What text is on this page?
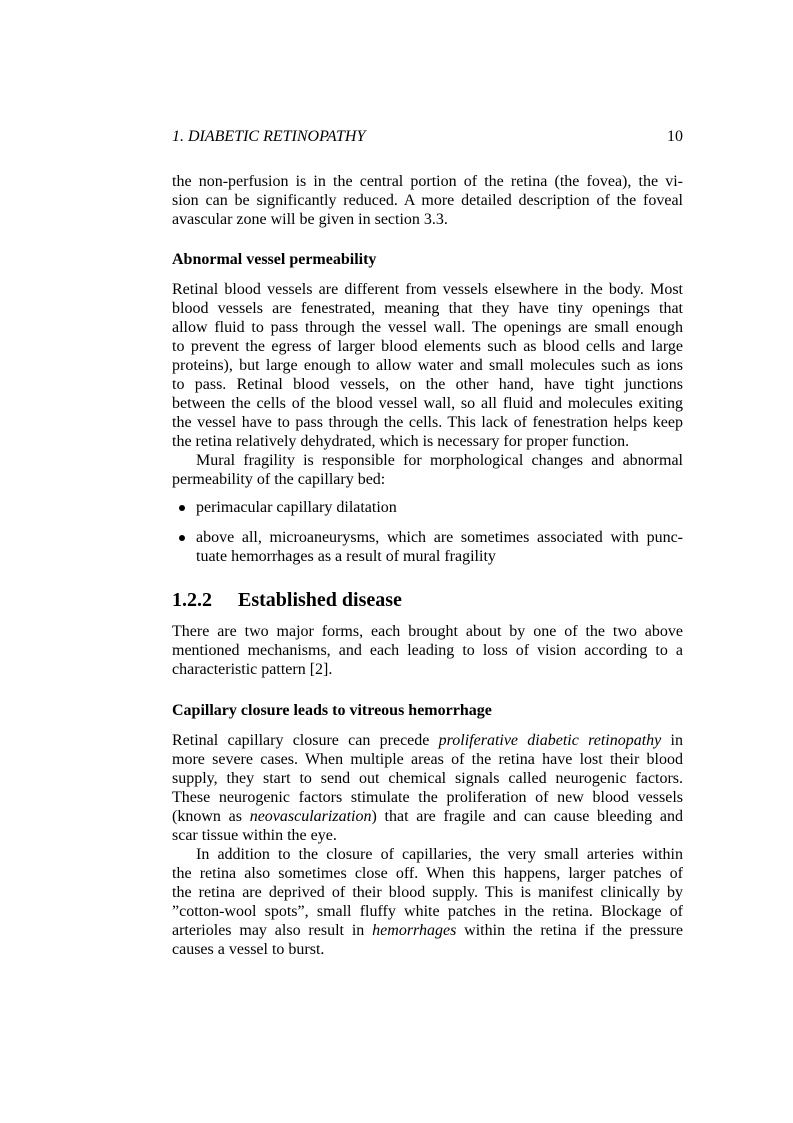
1. DIABETIC RETINOPATHY	10
the non-perfusion is in the central portion of the retina (the fovea), the vi-
sion can be significantly reduced. A more detailed description of the foveal
avascular zone will be given in section 3.3.
Abnormal vessel permeability
Retinal blood vessels are different from vessels elsewhere in the body. Most
blood vessels are fenestrated, meaning that they have tiny openings that
allow fluid to pass through the vessel wall. The openings are small enough
to prevent the egress of larger blood elements such as blood cells and large
proteins), but large enough to allow water and small molecules such as ions
to pass. Retinal blood vessels, on the other hand, have tight junctions
between the cells of the blood vessel wall, so all fluid and molecules exiting
the vessel have to pass through the cells. This lack of fenestration helps keep
the retina relatively dehydrated, which is necessary for proper function.
Mural fragility is responsible for morphological changes and abnormal
permeability of the capillary bed:
perimacular capillary dilatation
above all, microaneurysms, which are sometimes associated with punc-
tuate hemorrhages as a result of mural fragility
1.2.2 Established disease
There are two major forms, each brought about by one of the two above
mentioned mechanisms, and each leading to loss of vision according to a
characteristic pattern [2].
Capillary closure leads to vitreous hemorrhage
Retinal capillary closure can precede proliferative diabetic retinopathy in
more severe cases. When multiple areas of the retina have lost their blood
supply, they start to send out chemical signals called neurogenic factors.
These neurogenic factors stimulate the proliferation of new blood vessels
(known as neovascularization) that are fragile and can cause bleeding and
scar tissue within the eye.
In addition to the closure of capillaries, the very small arteries within
the retina also sometimes close off. When this happens, larger patches of
the retina are deprived of their blood supply. This is manifest clinically by
”cotton-wool spots”, small fluffy white patches in the retina. Blockage of
arterioles may also result in hemorrhages within the retina if the pressure
causes a vessel to burst.
